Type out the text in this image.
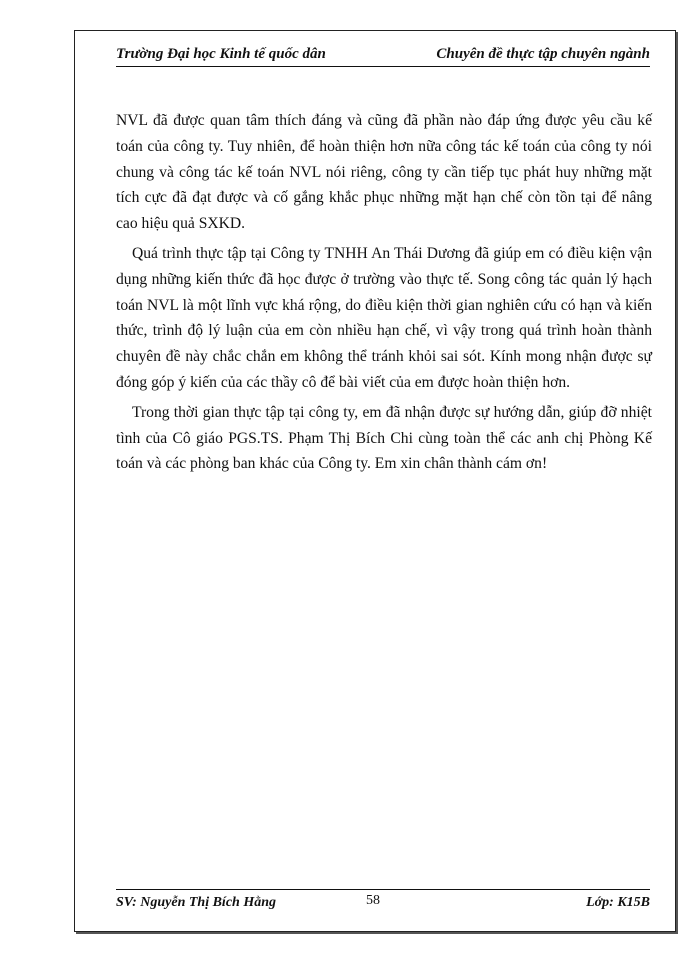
Trường Đại học Kinh tế quốc dân	Chuyên đề thực tập chuyên ngành

NVL đã được quan tâm thích đáng và cũng đã phần nào đáp ứng được yêu cầu kế toán của công ty. Tuy nhiên, để hoàn thiện hơn nữa công tác kế toán của công ty nói chung và công tác kế toán NVL nói riêng, công ty cần tiếp tục phát huy những mặt tích cực đã đạt được và cố gắng khắc phục những mặt hạn chế còn tồn tại để nâng cao hiệu quả SXKD.

Quá trình thực tập tại Công ty TNHH An Thái Dương đã giúp em có điều kiện vận dụng những kiến thức đã học được ở trường vào thực tế. Song công tác quản lý hạch toán NVL là một lĩnh vực khá rộng, do điều kiện thời gian nghiên cứu có hạn và kiến thức, trình độ lý luận của em còn nhiều hạn chế, vì vậy trong quá trình hoàn thành chuyên đề này chắc chắn em không thể tránh khỏi sai sót. Kính mong nhận được sự đóng góp ý kiến của các thầy cô để bài viết của em được hoàn thiện hơn.

Trong thời gian thực tập tại công ty, em đã nhận được sự hướng dẫn, giúp đỡ nhiệt tình của Cô giáo PGS.TS. Phạm Thị Bích Chi cùng toàn thể các anh chị Phòng Kế toán và các phòng ban khác của Công ty. Em xin chân thành cám ơn!

SV: Nguyễn Thị Bích Hằng	58	Lớp: K15B
